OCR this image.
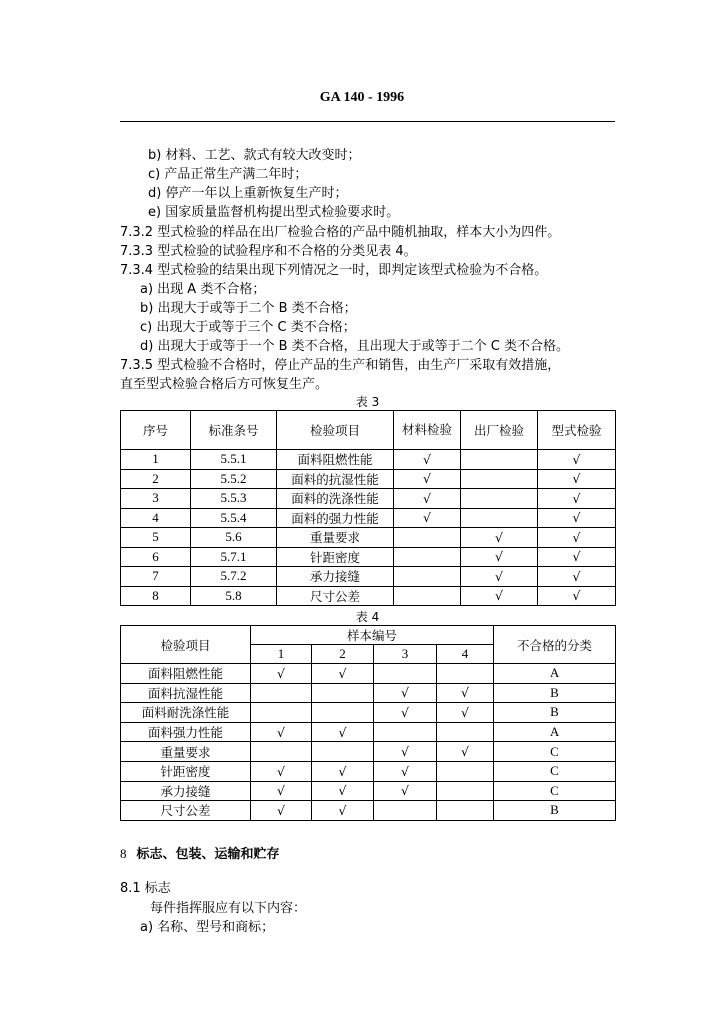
GA 140 - 1996
b) 材料、工艺、款式有较大改变时；
c) 产品正常生产满二年时；
d) 停产一年以上重新恢复生产时；
e) 国家质量监督机构提出型式检验要求时。
7.3.2 型式检验的样品在出厂检验合格的产品中随机抽取，样本大小为四件。
7.3.3 型式检验的试验程序和不合格的分类见表 4。
7.3.4 型式检验的结果出现下列情况之一时，即判定该型式检验为不合格。
a) 出现 A 类不合格；
b) 出现大于或等于二个 B 类不合格；
c) 出现大于或等于三个 C 类不合格；
d) 出现大于或等于一个 B 类不合格，且出现大于或等于二个 C 类不合格。
7.3.5 型式检验不合格时，停止产品的生产和销售，由生产厂采取有效措施，
直至型式检验合格后方可恢复生产。
表 3
序号	标准条号	检验项目	材料检验	出厂检验	型式检验
1	5.5.1	面料阻燃性能	√		√
2	5.5.2	面料的抗湿性能	√		√
3	5.5.3	面料的洗涤性能	√		√
4	5.5.4	面料的强力性能	√		√
5	5.6	重量要求		√	√
6	5.7.1	针距密度		√	√
7	5.7.2	承力接缝		√	√
8	5.8	尺寸公差		√	√
表 4
检验项目	样本编号				不合格的分类
	1	2	3	4	
面料阻燃性能	√	√			A
面料抗湿性能			√	√	B
面料耐洗涤性能			√	√	B
面料强力性能	√	√			A
重量要求			√	√	C
针距密度	√	√	√		C
承力接缝	√	√	√		C
尺寸公差	√	√			B
8 标志、包装、运输和贮存
8.1 标志
每件指挥服应有以下内容：
a) 名称、型号和商标；
